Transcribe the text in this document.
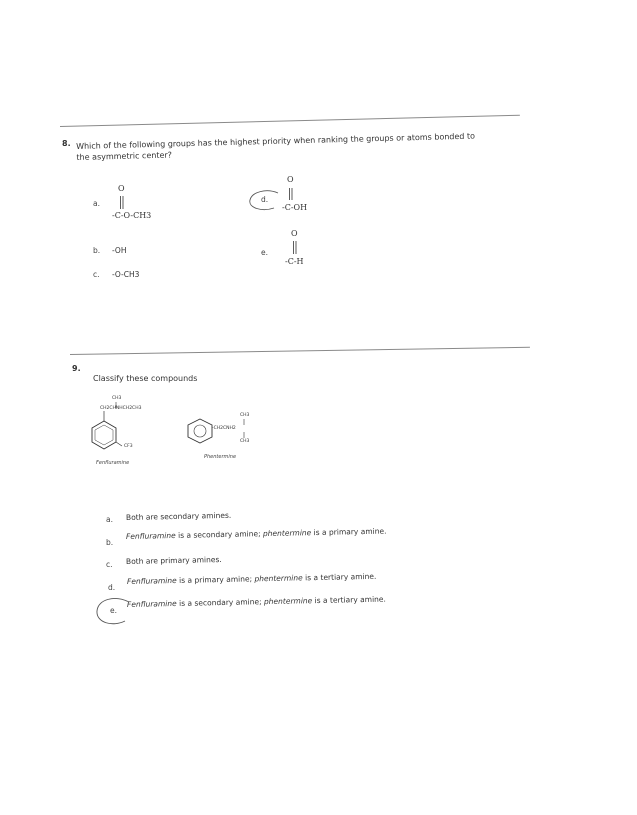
8. Which of the following groups has the highest priority when ranking the groups or atoms bonded to
the asymmetric center?
a.
O
-C-O-CH3
d.
O
-C-OH
b. -OH	e.
O
-C-H
c. -O-CH3
9.
Classify these compounds
CH3
CH2CHNHCH2CH3
CF3
Fenfluramine
CH3
-CH2CNH2
CH3
Phentermine
a. Both are secondary amines.
b.
Fenfluramine is a secondary amine; phentermine is a primary amine.
c. Both are primary amines.
d.
Fenfluramine is a primary amine; phentermine is a tertiary amine.
e.
Fenfluramine is a secondary amine; phentermine is a tertiary amine.
